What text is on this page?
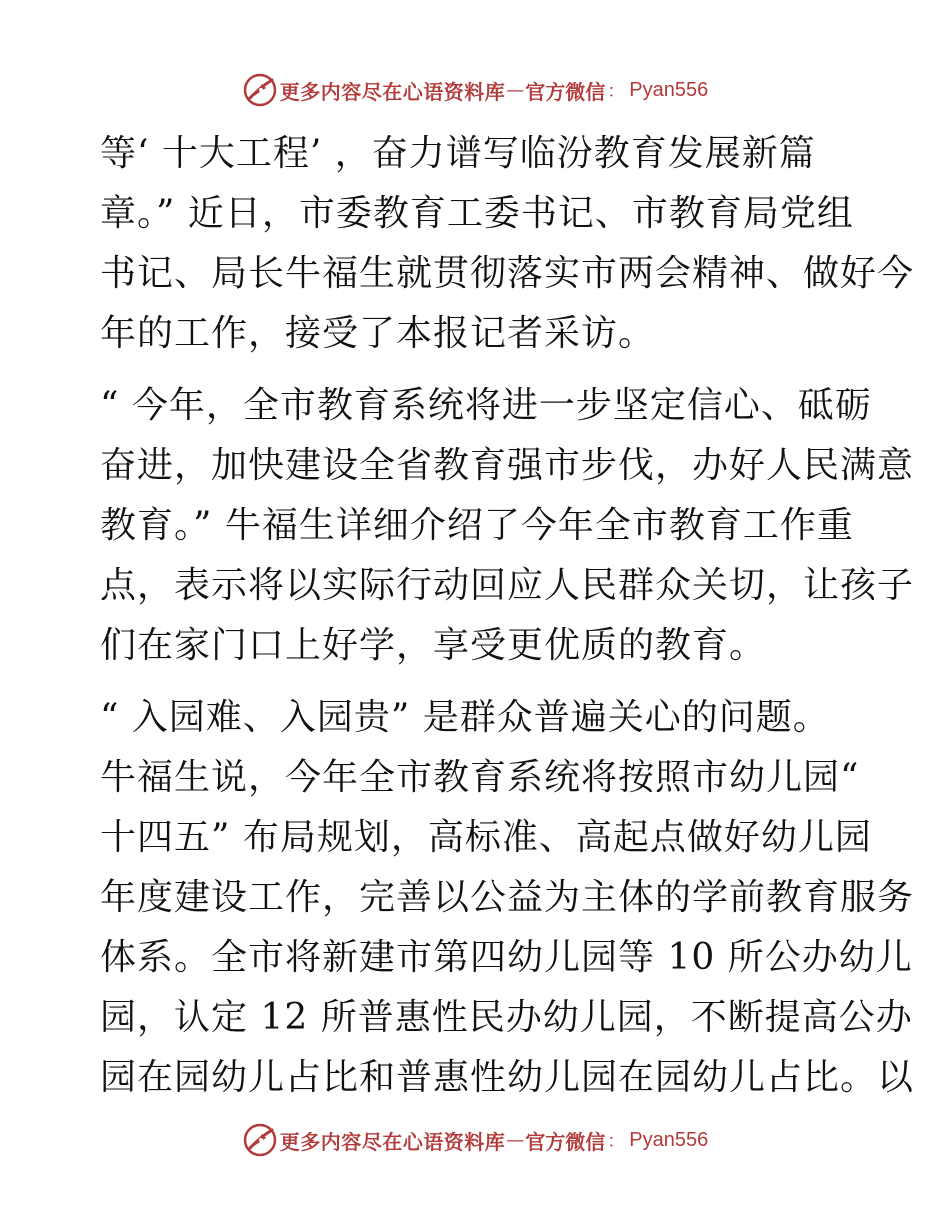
更多内容尽在心语资料库 — 官方微信 ： Pyan556
等‘ 十大工程’ ，奋力谱写临汾教育发展新篇
章。” 近日，市委教育工委书记、市教育局党组
书记、局长牛福生就贯彻落实市两会精神、做好今
年的工作，接受了本报记者采访。
“ 今年，全市教育系统将进一步坚定信心、砥砺
奋进，加快建设全省教育强市步伐，办好人民满意
教育。” 牛福生详细介绍了今年全市教育工作重
点，表示将以实际行动回应人民群众关切，让孩子
们在家门口上好学，享受更优质的教育。
“ 入园难、入园贵” 是群众普遍关心的问题。
牛福生说，今年全市教育系统将按照市幼儿园“
十四五” 布局规划，高标准、高起点做好幼儿园
年度建设工作，完善以公益为主体的学前教育服务
体系。全市将新建市第四幼儿园等 10 所公办幼儿
园，认定 12 所普惠性民办幼儿园，不断提高公办
园在园幼儿占比和普惠性幼儿园在园幼儿占比。以
更多内容尽在心语资料库 — 官方微信 ： Pyan556
